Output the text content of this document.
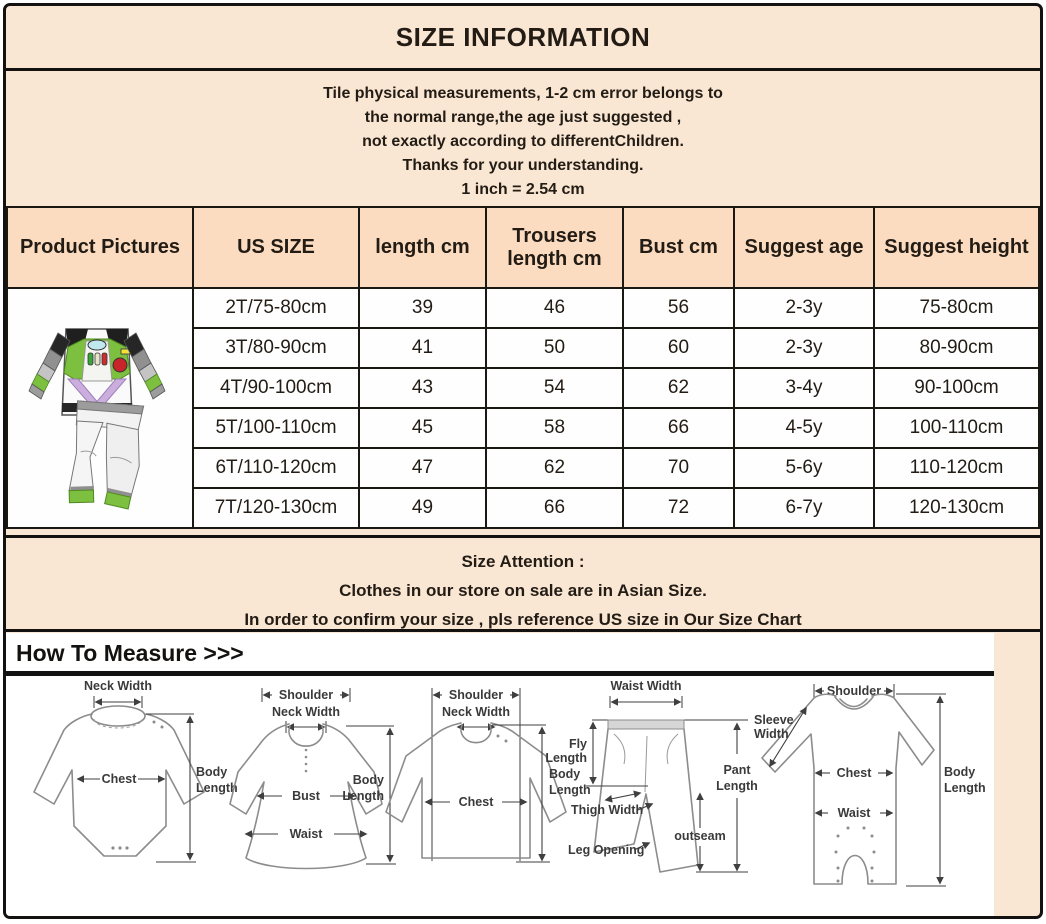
SIZE INFORMATION
Tile physical measurements, 1-2 cm error belongs to
the normal range,the age just suggested ,
not exactly according to differentChildren.
Thanks for your understanding.
1 inch = 2.54 cm
Product Pictures	US SIZE	length cm	Trousers length cm	Bust cm	Suggest age	Suggest height

	2T/75-80cm	39	46	56	2-3y	75-80cm
	3T/80-90cm	41	50	60	2-3y	80-90cm
	4T/90-100cm	43	54	62	3-4y	90-100cm
	5T/100-110cm	45	58	66	4-5y	100-110cm
	6T/110-120cm	47	62	70	5-6y	110-120cm
	7T/120-130cm	49	66	72	6-7y	120-130cm
Size Attention :
Clothes in our store on sale are in Asian Size.
In order to confirm your size , pls reference US size in Our Size Chart
How To Measure >>>
Neck Width
Chest	Body
Length
Shoulder
Neck Width
Bust
Waist
Body
Length
Shoulder
Neck Width
Chest
Body
Length
Waist Width
Fly
Length
Thigh Width
Leg Opening
outseam
Pant
Length
Shoulder
Sleeve
Width
Chest
Waist
Body
Length
